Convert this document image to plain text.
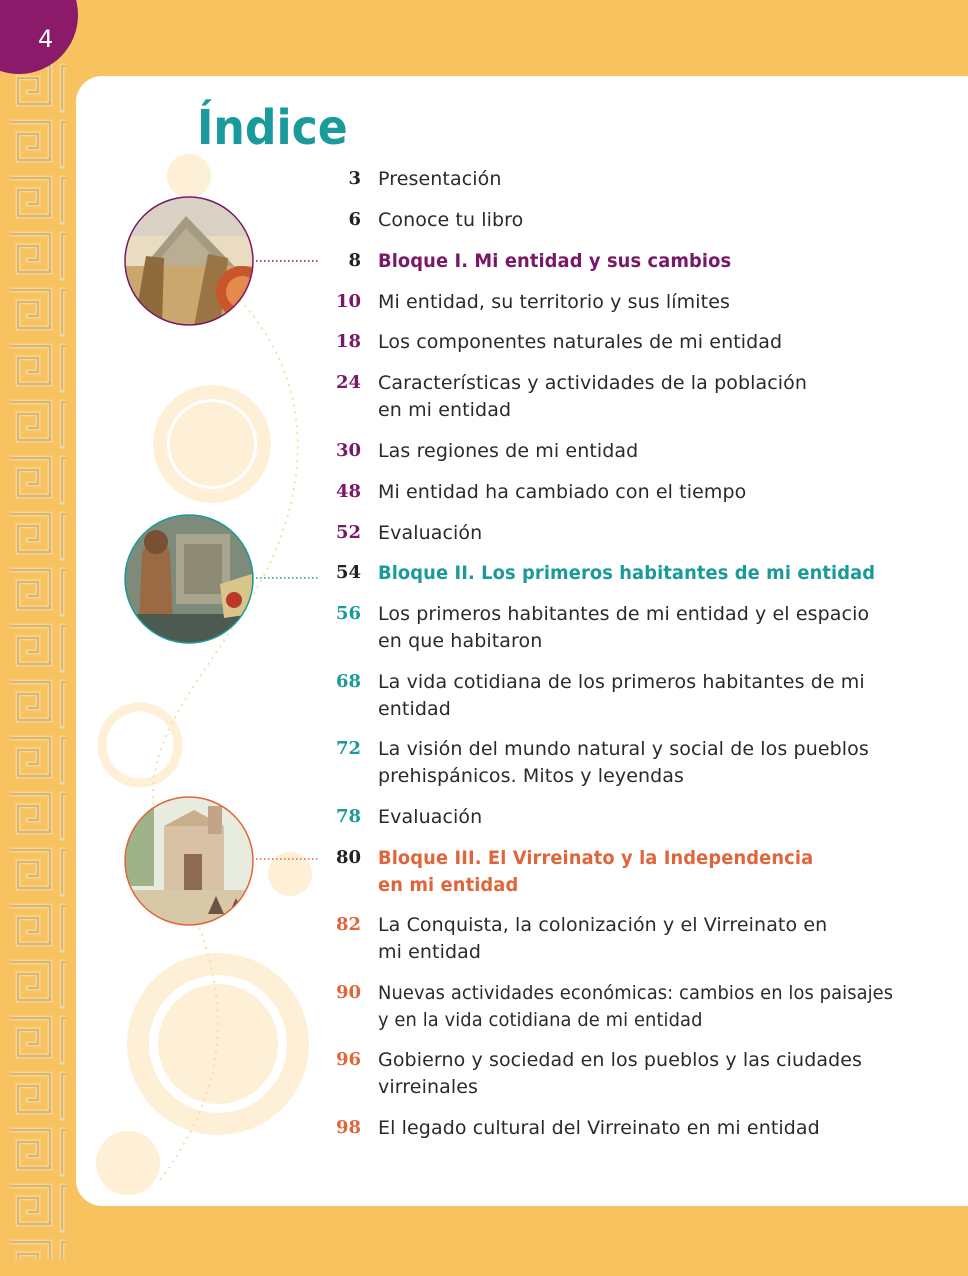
4
Índice
3 Presentación
6 Conoce tu libro
8 Bloque I. Mi entidad y sus cambios
10 Mi entidad, su territorio y sus límites
18 Los componentes naturales de mi entidad
24 Características y actividades de la población
en mi entidad
30 Las regiones de mi entidad
48 Mi entidad ha cambiado con el tiempo
52 Evaluación
54 Bloque II. Los primeros habitantes de mi entidad
56 Los primeros habitantes de mi entidad y el espacio
en que habitaron
68 La vida cotidiana de los primeros habitantes de mi
entidad
72 La visión del mundo natural y social de los pueblos
prehispánicos. Mitos y leyendas
78 Evaluación
80 Bloque III. El Virreinato y la Independencia
en mi entidad
82 La Conquista, la colonización y el Virreinato en
mi entidad
90 Nuevas actividades económicas: cambios en los paisajes
y en la vida cotidiana de mi entidad
96 Gobierno y sociedad en los pueblos y las ciudades
virreinales
98 El legado cultural del Virreinato en mi entidad
